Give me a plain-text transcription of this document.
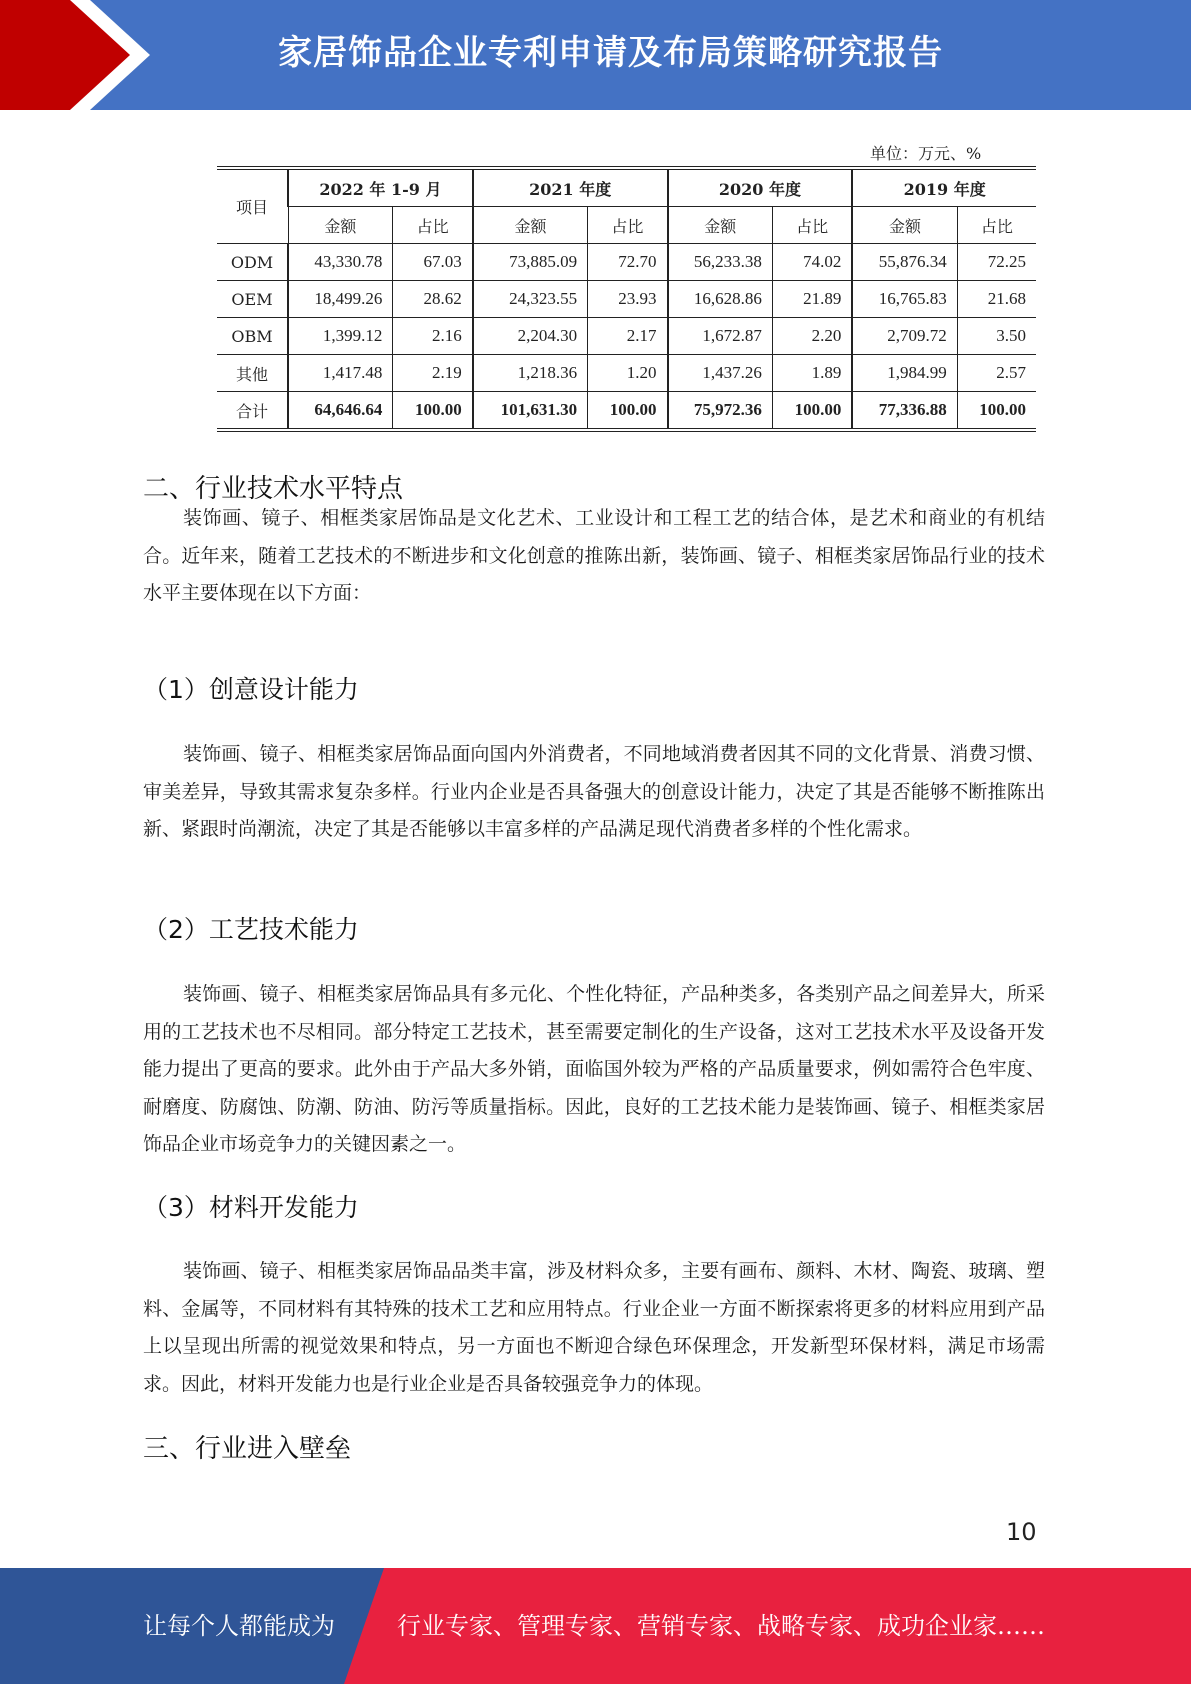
家居饰品企业专利申请及布局策略研究报告
单位：万元、%
项目	2022 年 1-9 月		2021 年度		2020 年度		2019 年度	
	金额	占比	金额	占比	金额	占比	金额	占比
ODM	43,330.78	67.03	73,885.09	72.70	56,233.38	74.02	55,876.34	72.25
OEM	18,499.26	28.62	24,323.55	23.93	16,628.86	21.89	16,765.83	21.68
OBM	1,399.12	2.16	2,204.30	2.17	1,672.87	2.20	2,709.72	3.50
其他	1,417.48	2.19	1,218.36	1.20	1,437.26	1.89	1,984.99	2.57
合计	64,646.64	100.00	101,631.30	100.00	75,972.36	100.00	77,336.88	100.00
二、行业技术水平特点

装饰画、镜子、相框类家居饰品是文化艺术、工业设计和工程工艺的结合体，是艺术和商业的有机结合。近年来，随着工艺技术的不断进步和文化创意的推陈出新，装饰画、镜子、相框类家居饰品行业的技术水平主要体现在以下方面：

（1）创意设计能力

装饰画、镜子、相框类家居饰品面向国内外消费者，不同地域消费者因其不同的文化背景、消费习惯、审美差异，导致其需求复杂多样。行业内企业是否具备强大的创意设计能力，决定了其是否能够不断推陈出新、紧跟时尚潮流，决定了其是否能够以丰富多样的产品满足现代消费者多样的个性化需求。

（2）工艺技术能力

装饰画、镜子、相框类家居饰品具有多元化、个性化特征，产品种类多，各类别产品之间差异大，所采用的工艺技术也不尽相同。部分特定工艺技术，甚至需要定制化的生产设备，这对工艺技术水平及设备开发能力提出了更高的要求。此外由于产品大多外销，面临国外较为严格的产品质量要求，例如需符合色牢度、耐磨度、防腐蚀、防潮、防油、防污等质量指标。因此，良好的工艺技术能力是装饰画、镜子、相框类家居饰品企业市场竞争力的关键因素之一。

（3）材料开发能力

装饰画、镜子、相框类家居饰品品类丰富，涉及材料众多，主要有画布、颜料、木材、陶瓷、玻璃、塑料、金属等，不同材料有其特殊的技术工艺和应用特点。行业企业一方面不断探索将更多的材料应用到产品上以呈现出所需的视觉效果和特点，另一方面也不断迎合绿色环保理念，开发新型环保材料，满足市场需求。因此，材料开发能力也是行业企业是否具备较强竞争力的体现。

三、行业进入壁垒
10
让每个人都能成为	行业专家、管理专家、营销专家、战略专家、成功企业家……
